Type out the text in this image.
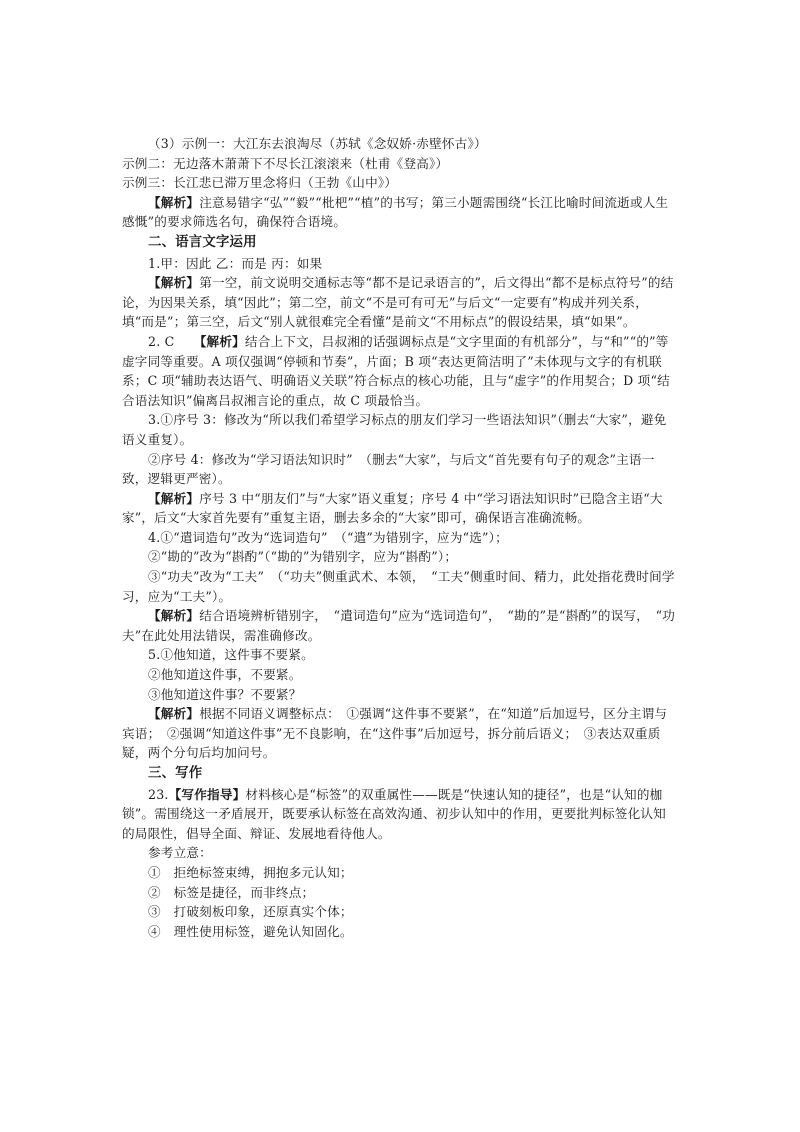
（3）示例一：大江东去浪淘尽（苏轼《念奴娇·赤壁怀古》）

示例二：无边落木萧萧下不尽长江滚滚来（杜甫《登高》）

示例三：长江悲已滞万里念将归（王勃《山中》）

【解析】注意易错字“弘”“毅”“枇杷”“植”的书写；第三小题需围绕“长江比喻时间流逝或人生感慨”的要求筛选名句，确保符合语境。

二、语言文字运用

1.甲：因此 乙：而是 丙：如果

【解析】第一空，前文说明交通标志等“都不是记录语言的”，后文得出“都不是标点符号”的结论，为因果关系，填“因此”；第二空，前文“不是可有可无”与后文“一定要有”构成并列关系，填“而是”；第三空，后文“别人就很难完全看懂”是前文“不用标点”的假设结果，填“如果”。

2. C　　【解析】结合上下文，吕叔湘的话强调标点是“文字里面的有机部分”，与“和”“的”等虚字同等重要。A 项仅强调“停顿和节奏”，片面；B 项“表达更简洁明了”未体现与文字的有机联系；C 项“辅助表达语气、明确语义关联”符合标点的核心功能，且与“虚字”的作用契合；D 项“结合语法知识”偏离吕叔湘言论的重点，故 C 项最恰当。

3.①序号 3：修改为“所以我们希望学习标点的朋友们学习一些语法知识”（删去“大家”，避免语义重复）。

②序号 4：修改为“学习语法知识时”　（删去“大家”，与后文“首先要有句子的观念”主语一致，逻辑更严密）。

【解析】序号 3 中“朋友们”与“大家”语义重复；序号 4 中“学习语法知识时”已隐含主语“大家”，后文“大家首先要有”重复主语，删去多余的“大家”即可，确保语言准确流畅。

4.①“遣词造句”改为“选词造句”　（“遣”为错别字，应为“选”）；

②“勘的”改为“斟酌”（“勘的”为错别字，应为“斟酌”）；

③“功夫”改为“工夫”　（“功夫”侧重武术、本领，　“工夫”侧重时间、精力，此处指花费时间学习，应为“工夫”）。

【解析】结合语境辨析错别字，　“遣词造句”应为“选词造句”，　“勘的”是“斟酌”的误写，　“功夫”在此处用法错误，需准确修改。

5.①他知道，这件事不要紧。

②他知道这件事，不要紧。

③他知道这件事？不要紧？

【解析】根据不同语义调整标点：　①强调“这件事不要紧”，在“知道”后加逗号，区分主谓与宾语；　②强调“知道这件事”无不良影响，在“这件事”后加逗号，拆分前后语义；　③表达双重质疑，两个分句后均加问号。

三、写作

23.【写作指导】材料核心是“标签”的双重属性——既是“快速认知的捷径”，也是“认知的枷锁”。需围绕这一矛盾展开，既要承认标签在高效沟通、初步认知中的作用，更要批判标签化认知的局限性，倡导全面、辩证、发展地看待他人。

参考立意：

①　拒绝标签束缚，拥抱多元认知；

②　标签是捷径，而非终点；

③　打破刻板印象，还原真实个体；

④　理性使用标签，避免认知固化。
